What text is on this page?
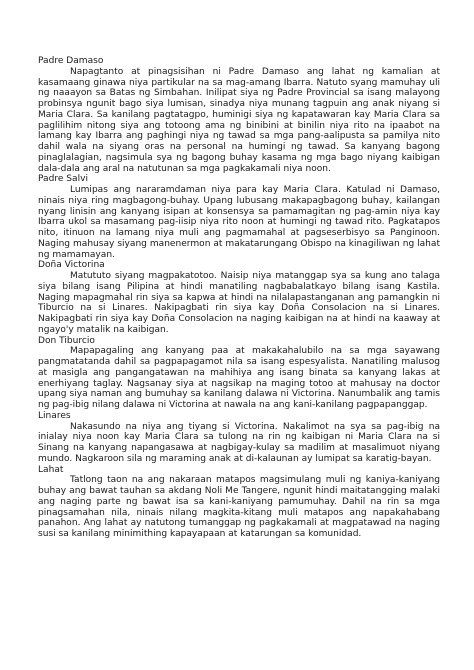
Padre Damaso
Napagtanto at pinagsisihan ni Padre Damaso ang lahat ng kamalian at kasamaang ginawa niya partikular na sa mag-amang Ibarra. Natuto syang mamuhay uli ng naaayon sa Batas ng Simbahan. Inilipat siya ng Padre Provincial sa isang malayong probinsya ngunit bago siya lumisan, sinadya niya munang tagpuin ang anak niyang si Maria Clara. Sa kanilang pagtatagpo, huminigi siya ng kapatawaran kay Maria Clara sa paglilihim nitong siya ang totoong ama ng binibini at binilin niya rito na ipaabot na lamang kay Ibarra ang paghingi niya ng tawad sa mga pang-aalipusta sa pamilya nito dahil wala na siyang oras na personal na humingi ng tawad. Sa kanyang bagong pinaglalagian, nagsimula sya ng bagong buhay kasama ng mga bago niyang kaibigan dala-dala ang aral na natutunan sa mga pagkakamali niya noon.
Padre Salvi
Lumipas ang nararamdaman niya para kay Maria Clara. Katulad ni Damaso, ninais niya ring magbagong-buhay. Upang lubusang makapagbagong buhay, kailangan nyang linisin ang kanyang isipan at konsensya sa pamamagitan ng pag-amin niya kay Ibarra ukol sa masamang pag-iisip niya rito noon at humingi ng tawad rito. Pagkatapos nito, itinuon na lamang niya muli ang pagmamahal at pagseserbisyo sa Panginoon. Naging mahusay siyang manenermon at makatarungang Obispo na kinagiliwan ng lahat ng mamamayan.
Doña Victorina
Matututo siyang magpakatotoo. Naisip niya matanggap sya sa kung ano talaga siya bilang isang Pilipina at hindi manatiling nagbabalatkayo bilang isang Kastila. Naging mapagmahal rin siya sa kapwa at hindi na nilalapastanganan ang pamangkin ni Tiburcio na si Linares. Nakipagbati rin siya kay Doña Consolacion na si Linares. Nakipagbati rin siya kay Doña Consolacion na naging kaibigan na at hindi na kaaway at ngayo'y matalik na kaibigan.
Don Tiburcio
Mapapagaling ang kanyang paa at makakahalubilo na sa mga sayawang pangmatatanda dahil sa pagpapagamot nila sa isang espesyalista. Nanatiling malusog at masigla ang pangangatawan na mahihiya ang isang binata sa kanyang lakas at enerhiyang taglay. Nagsanay siya at nagsikap na maging totoo at mahusay na doctor upang siya naman ang bumuhay sa kanilang dalawa ni Victorina. Nanumbalik ang tamis ng pag-ibig nilang dalawa ni Victorina at nawala na ang kani-kanilang pagpapanggap.
Linares
Nakasundo na niya ang tiyang si Victorina. Nakalimot na sya sa pag-ibig na inialay niya noon kay Maria Clara sa tulong na rin ng kaibigan ni Maria Clara na si Sinang na kanyang napangasawa at nagbigay-kulay sa madilim at masalimuot niyang mundo. Nagkaroon sila ng maraming anak at di-kalaunan ay lumipat sa karatig-bayan.
Lahat
Tatlong taon na ang nakaraan matapos magsimulang muli ng kaniya-kaniyang buhay ang bawat tauhan sa akdang Noli Me Tangere, ngunit hindi maitatangging malaki ang naging parte ng bawat isa sa kani-kaniyang pamumuhay. Dahil na rin sa mga pinagsamahan nila, ninais nilang magkita-kitang muli matapos ang napakahabang panahon. Ang lahat ay natutong tumanggap ng pagkakamali at magpatawad na naging susi sa kanilang minimithing kapayapaan at katarungan sa komunidad.
